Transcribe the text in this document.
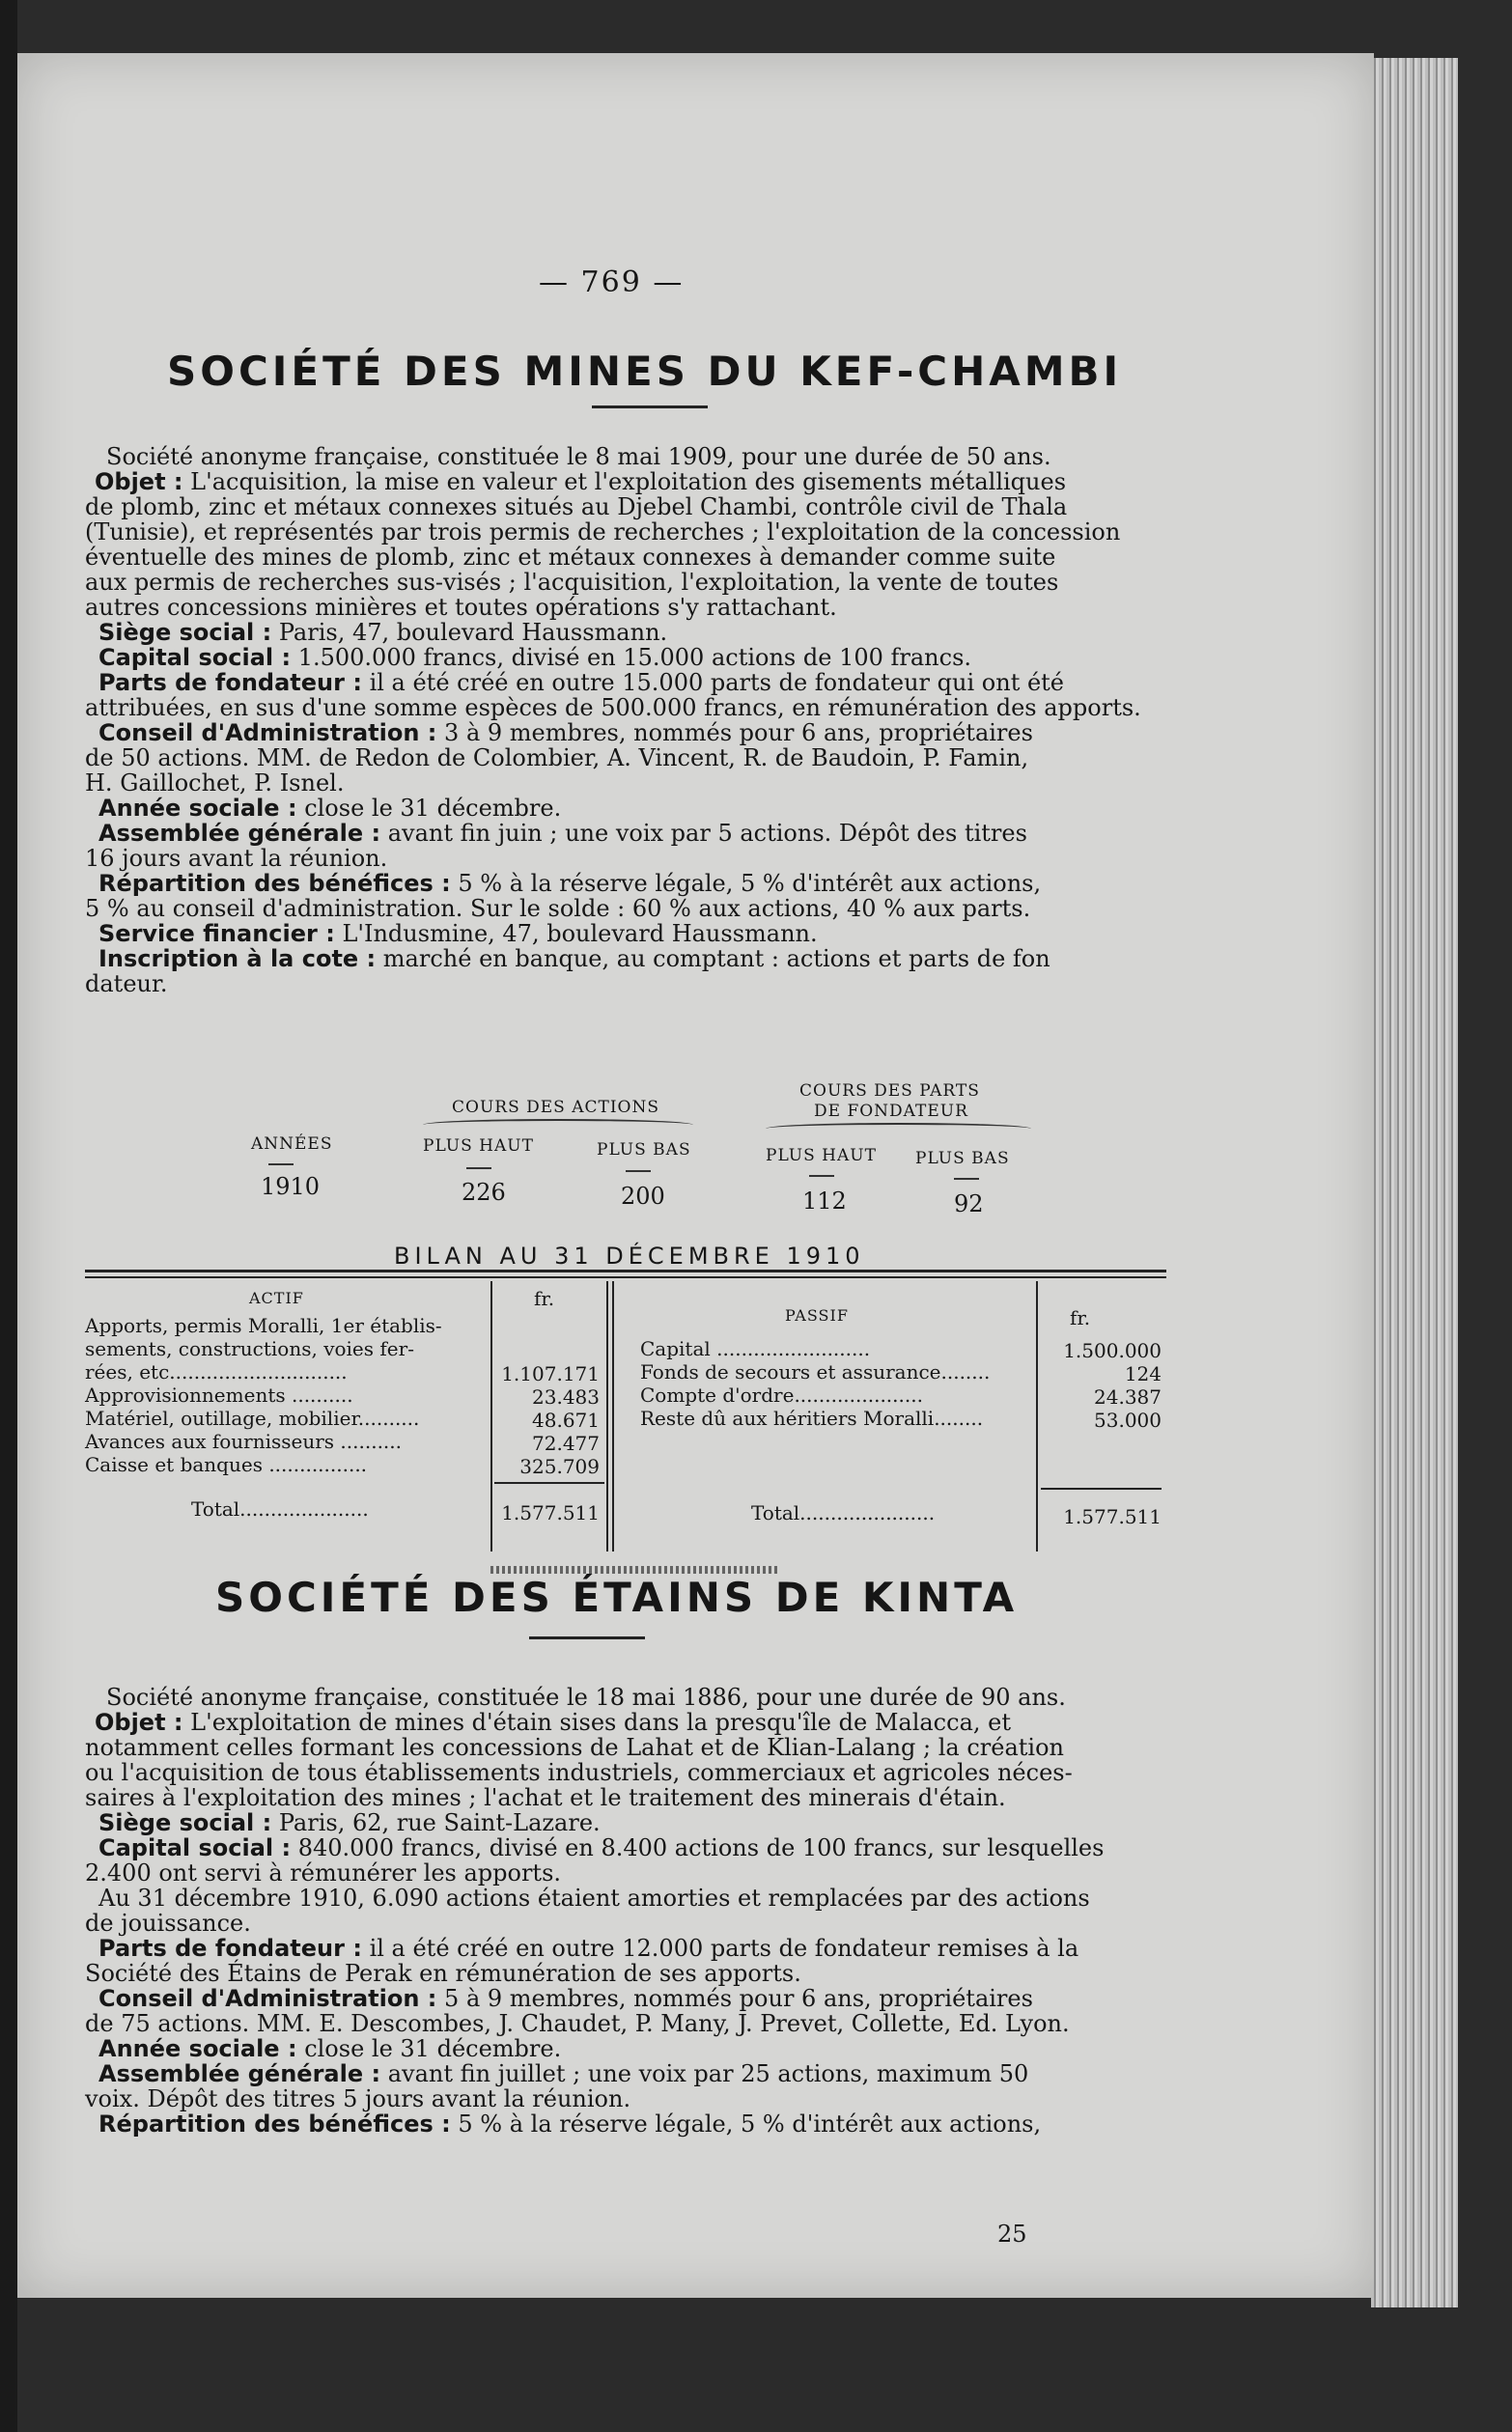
— 769 —
SOCIÉTÉ DES MINES DU KEF-CHAMBI
Société anonyme française, constituée le 8 mai 1909, pour une durée de 50 ans.
Objet : L'acquisition, la mise en valeur et l'exploitation des gisements métalliques
de plomb, zinc et métaux connexes situés au Djebel Chambi, contrôle civil de Thala
(Tunisie), et représentés par trois permis de recherches ; l'exploitation de la concession
éventuelle des mines de plomb, zinc et métaux connexes à demander comme suite
aux permis de recherches sus-visés ; l'acquisition, l'exploitation, la vente de toutes
autres concessions minières et toutes opérations s'y rattachant.
Siège social : Paris, 47, boulevard Haussmann.
Capital social : 1.500.000 francs, divisé en 15.000 actions de 100 francs.
Parts de fondateur : il a été créé en outre 15.000 parts de fondateur qui ont été
attribuées, en sus d'une somme espèces de 500.000 francs, en rémunération des apports.
Conseil d'Administration : 3 à 9 membres, nommés pour 6 ans, propriétaires
de 50 actions. MM. de Redon de Colombier, A. Vincent, R. de Baudoin, P. Famin,
H. Gaillochet, P. Isnel.
Année sociale : close le 31 décembre.
Assemblée générale : avant fin juin ; une voix par 5 actions. Dépôt des titres
16 jours avant la réunion.
Répartition des bénéfices : 5 % à la réserve légale, 5 % d'intérêt aux actions,
5 % au conseil d'administration. Sur le solde : 60 % aux actions, 40 % aux parts.
Service financier : L'Indusmine, 47, boulevard Haussmann.
Inscription à la cote : marché en banque, au comptant : actions et parts de fon
dateur.
COURS DES ACTIONS
COURS DES PARTS
DE FONDATEUR
ANNÉES	PLUS HAUT	PLUS BAS	PLUS HAUT PLUS BAS
1910	226	200	112	92
BILAN AU 31 DÉCEMBRE 1910
ACTIF	fr.
PASSIF	fr.
Apports, permis Moralli, 1er établis-
sements, constructions, voies fer-
rées, etc.............................	1.107.171
Approvisionnements ..........	23.483
Matériel, outillage, mobilier..........	48.671
Avances aux fournisseurs ..........	72.477
Caisse et banques ................	325.709
Total.....................	1.577.511
Capital .........................	1.500.000
Fonds de secours et assurance........	124
Compte d'ordre.....................	24.387
Reste dû aux héritiers Moralli........	53.000
Total......................	1.577.511
SOCIÉTÉ DES ÉTAINS DE KINTA
Société anonyme française, constituée le 18 mai 1886, pour une durée de 90 ans.
Objet : L'exploitation de mines d'étain sises dans la presqu'île de Malacca, et
notamment celles formant les concessions de Lahat et de Klian-Lalang ; la création
ou l'acquisition de tous établissements industriels, commerciaux et agricoles néces-
saires à l'exploitation des mines ; l'achat et le traitement des minerais d'étain.
Siège social : Paris, 62, rue Saint-Lazare.
Capital social : 840.000 francs, divisé en 8.400 actions de 100 francs, sur lesquelles
2.400 ont servi à rémunérer les apports.
Au 31 décembre 1910, 6.090 actions étaient amorties et remplacées par des actions
de jouissance.
Parts de fondateur : il a été créé en outre 12.000 parts de fondateur remises à la
Société des Étains de Perak en rémunération de ses apports.
Conseil d'Administration : 5 à 9 membres, nommés pour 6 ans, propriétaires
de 75 actions. MM. E. Descombes, J. Chaudet, P. Many, J. Prevet, Collette, Ed. Lyon.
Année sociale : close le 31 décembre.
Assemblée générale : avant fin juillet ; une voix par 25 actions, maximum 50
voix. Dépôt des titres 5 jours avant la réunion.
Répartition des bénéfices : 5 % à la réserve légale, 5 % d'intérêt aux actions,
25
